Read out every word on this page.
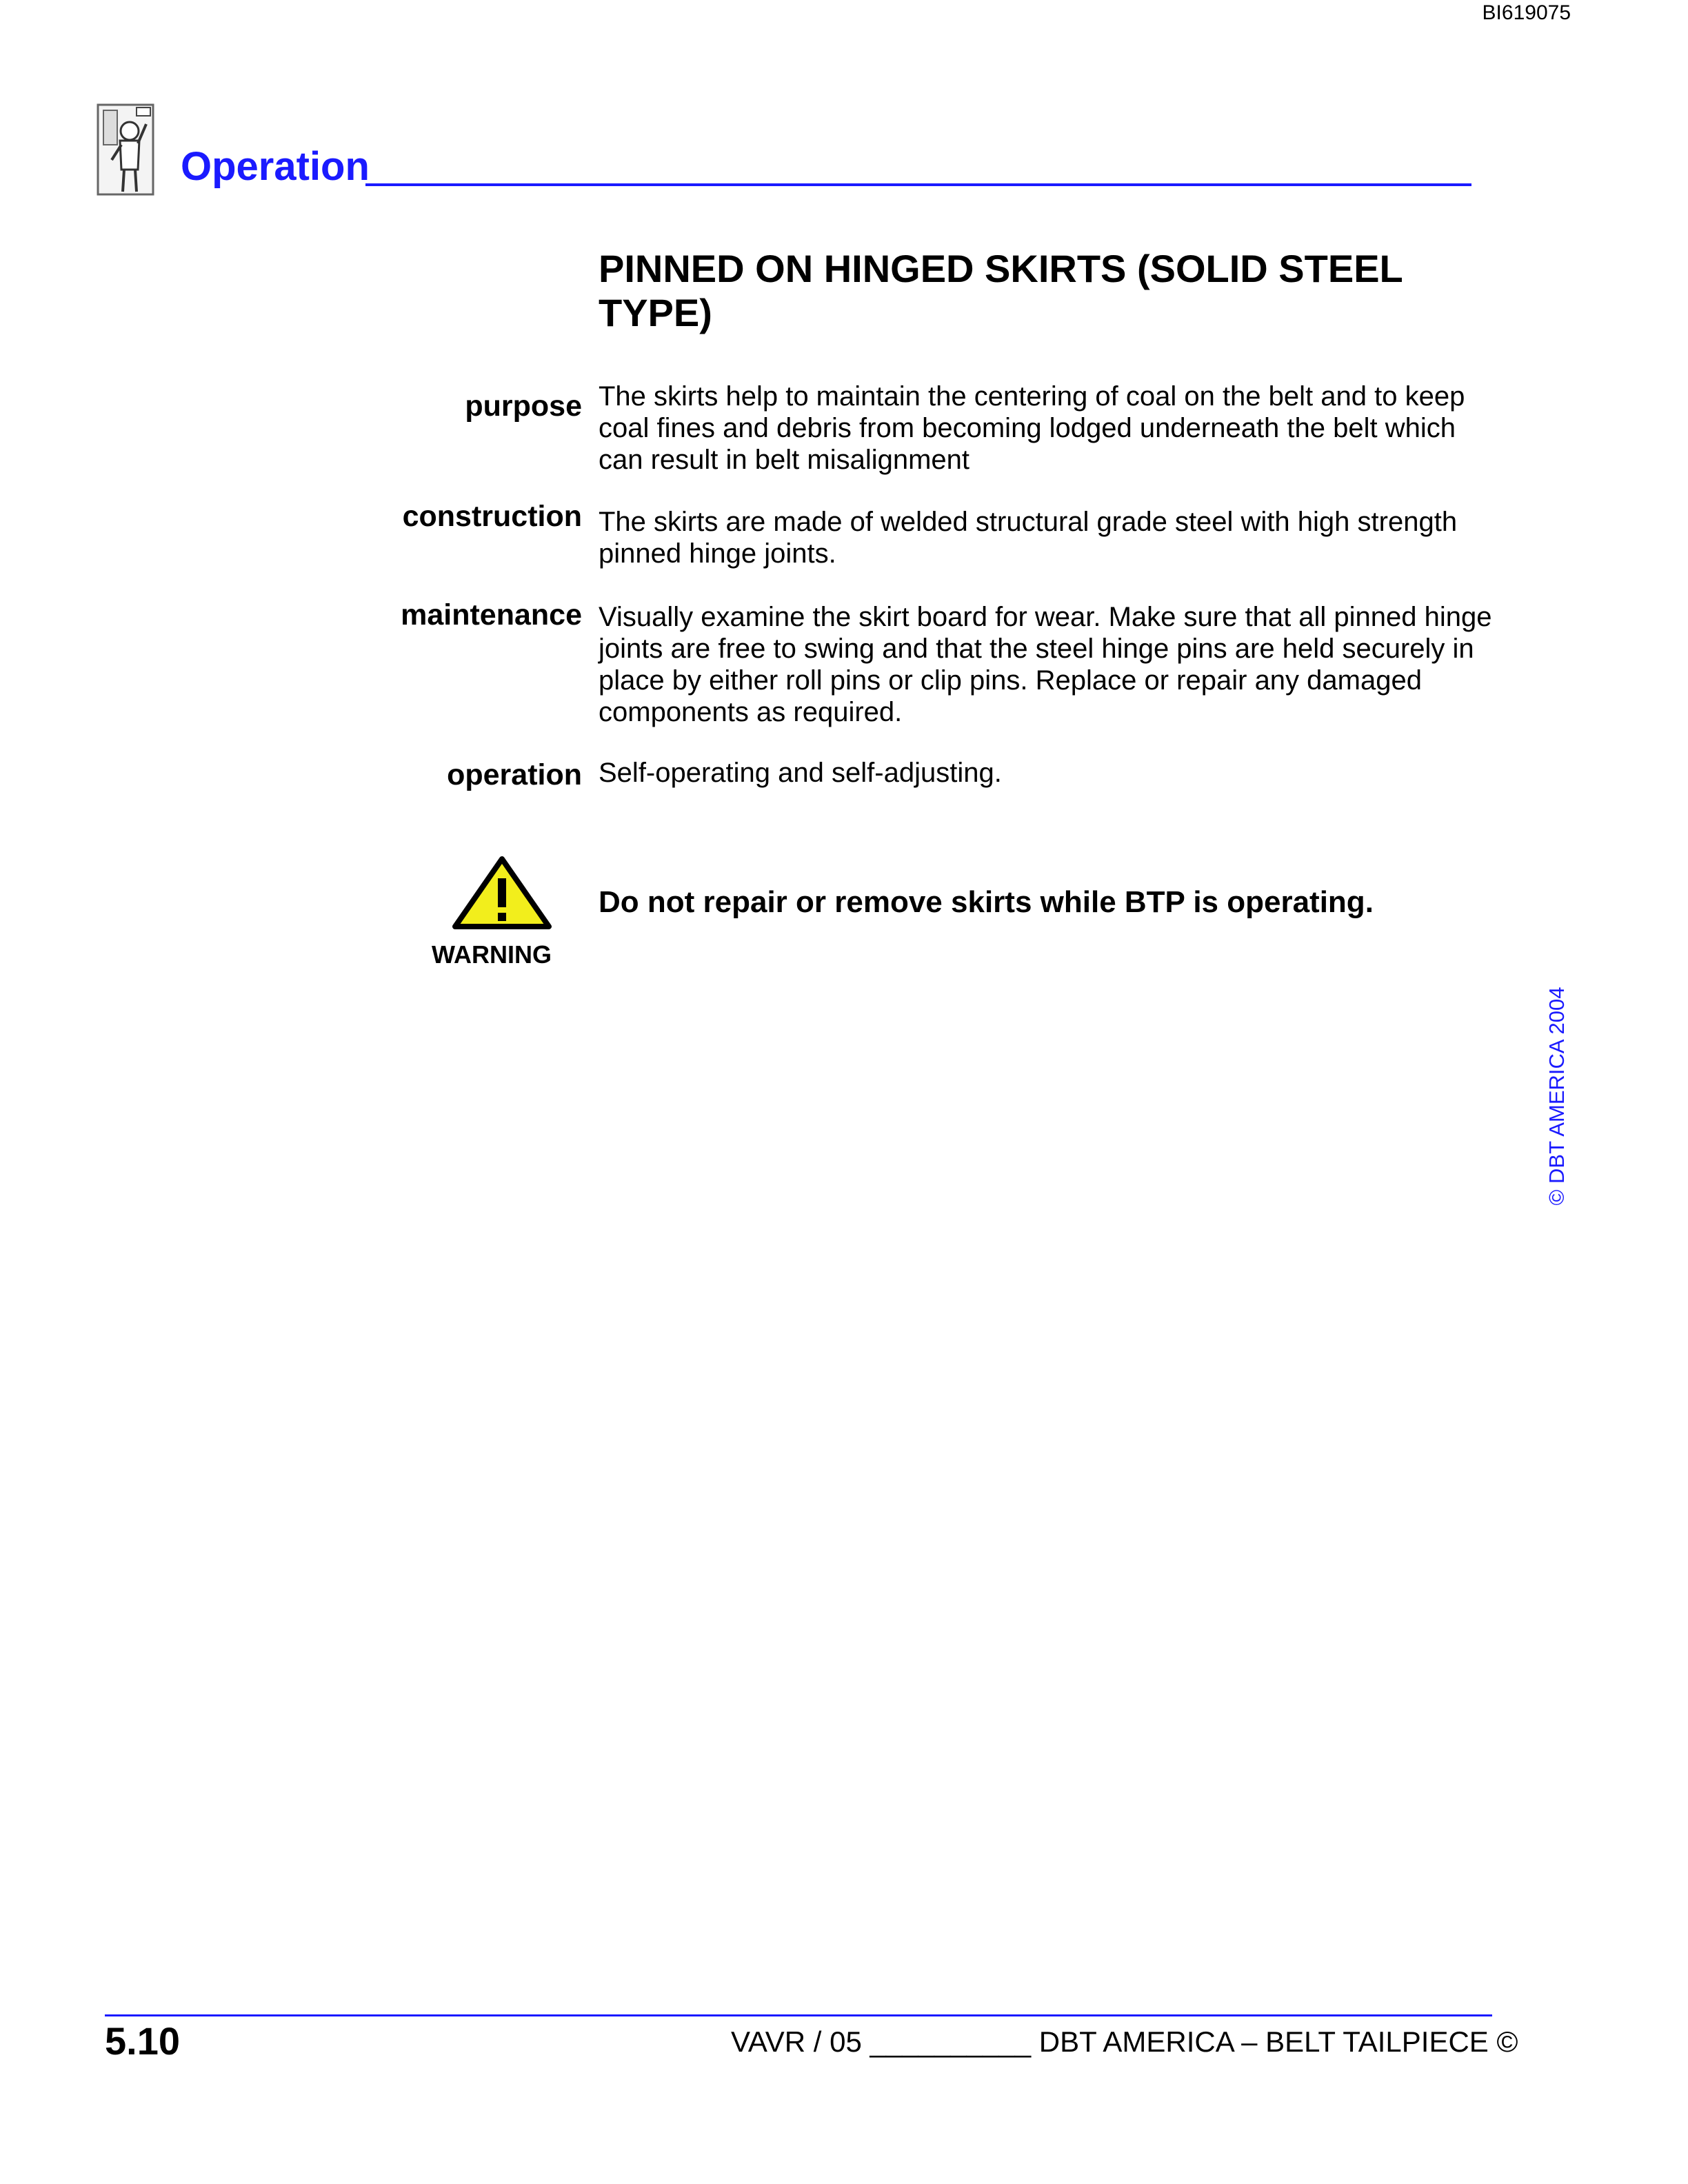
BI619075
Operation
PINNED ON HINGED SKIRTS (SOLID STEEL TYPE)
purpose The skirts help to maintain the centering of coal on the belt and to keep coal fines and debris from becoming lodged underneath the belt which can result in belt misalignment
construction The skirts are made of welded structural grade steel with high strength pinned hinge joints.
maintenance Visually examine the skirt board for wear. Make sure that all pinned hinge joints are free to swing and that the steel hinge pins are held securely in place by either roll pins or clip pins. Replace or repair any damaged components as required.
operation Self-operating and self-adjusting.
WARNING
Do not repair or remove skirts while BTP is operating.
© DBT AMERICA 2004
5.10	VAVR / 05 __________ DBT AMERICA – BELT TAILPIECE ©
